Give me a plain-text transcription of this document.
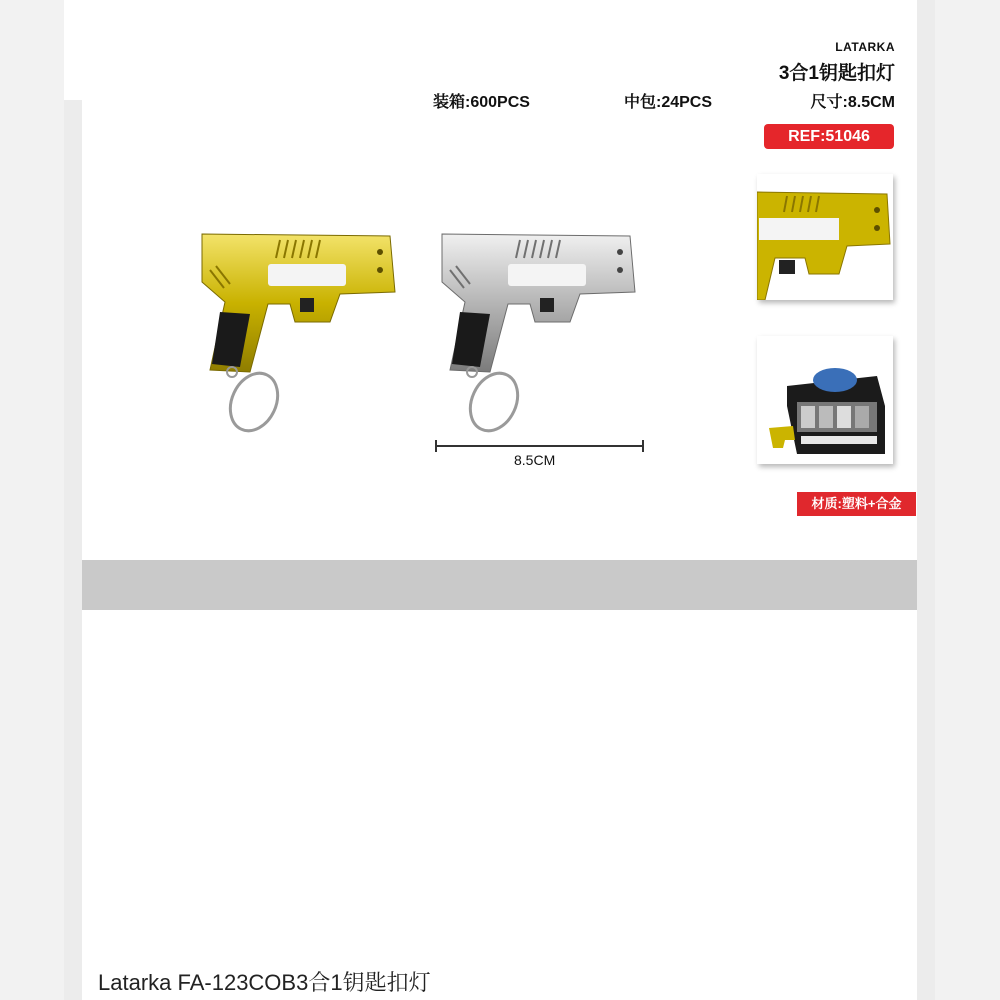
LATARKA
3合1钥匙扣灯
装箱:600PCS	中包:24PCS	尺寸:8.5CM
REF:51046
8.5CM
材质:塑料+合金
Latarka FA-123COB3合1钥匙扣灯
